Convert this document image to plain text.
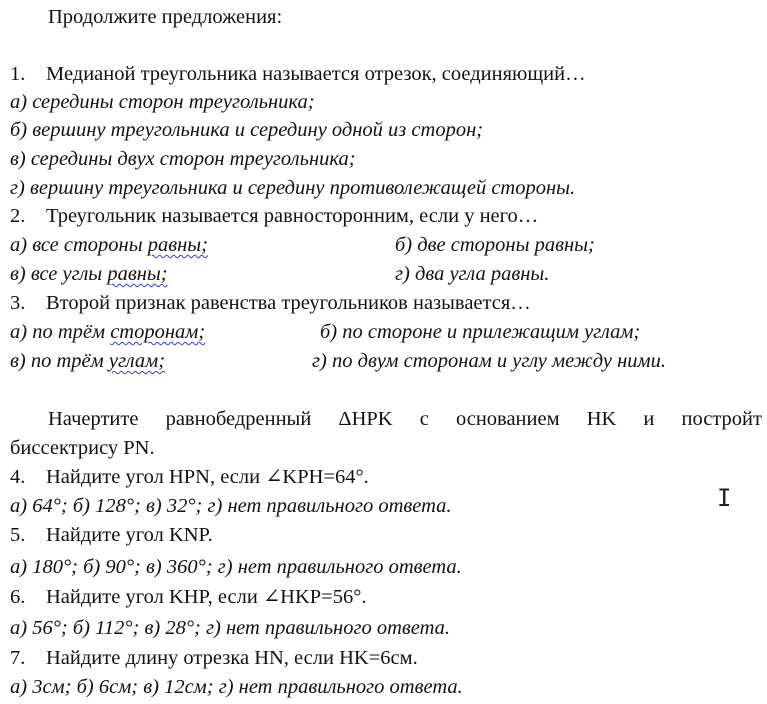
Продолжите предложения:
1. Медианой треугольника называется отрезок, соединяющий…
а) середины сторон треугольника;
б) вершину треугольника и середину одной из сторон;
в) середины двух сторон треугольника;
г) вершину треугольника и середину противолежащей стороны.
2. Треугольник называется равносторонним, если у него…
а) все стороны равны;	б) две стороны равны;
в) все углы равны;	г) два угла равны.
3. Второй признак равенства треугольников называется…
а) по трём сторонам;	б) по стороне и прилежащим углам;
в) по трём углам;	г) по двум сторонам и углу между ними.
Начертите равнобедренный ΔHPK с основанием HK и постройт
биссектрису PN.
4. Найдите угол HPN, если ∠KPH=64°.
а) 64°; б) 128°; в) 32°; г) нет правильного ответа.
5. Найдите угол KNP.
а) 180°; б) 90°; в) 360°; г) нет правильного ответа.
6. Найдите угол KHP, если ∠HKP=56°.
а) 56°; б) 112°; в) 28°; г) нет правильного ответа.
7. Найдите длину отрезка HN, если HK=6см.
а) 3см; б) 6см; в) 12см; г) нет правильного ответа.
I
